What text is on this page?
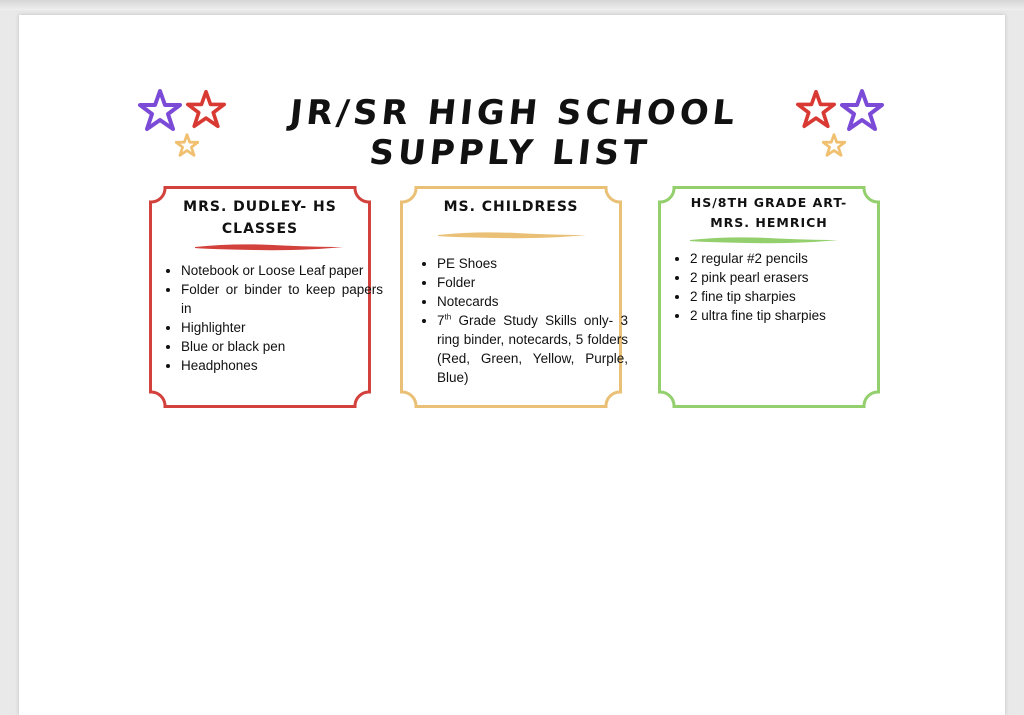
JR/SR HIGH SCHOOL SUPPLY LIST
MRS. DUDLEY- HS CLASSES
• Notebook or Loose Leaf paper
• Folder or binder to keep papers in
• Highlighter
• Blue or black pen
• Headphones
MS. CHILDRESS
• PE Shoes
• Folder
• Notecards
• 7th Grade Study Skills only- 3 ring binder, notecards, 5 folders (Red, Green, Yellow, Purple, Blue)
HS/8TH GRADE ART- MRS. HEMRICH
• 2 regular #2 pencils
• 2 pink pearl erasers
• 2 fine tip sharpies
• 2 ultra fine tip sharpies
